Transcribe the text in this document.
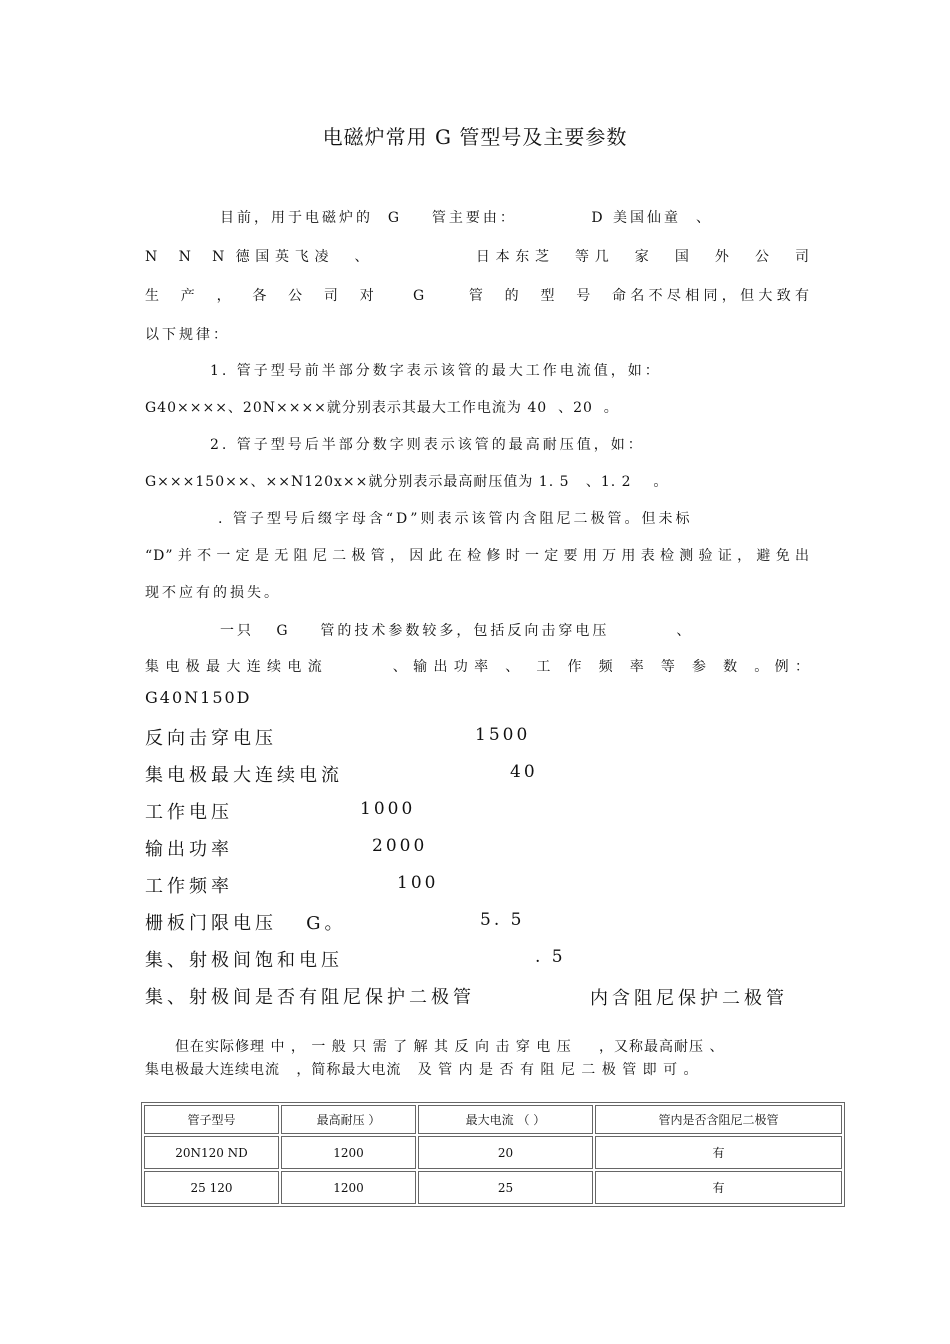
电磁炉常用 G 管型号及主要参数
目前，用于电磁炉的  G    管主要由：          D 美国仙童  、
N  N  N 德国英飞凌  、          日本东芝  等几  家  国  外  公  司
生  产  ，  各  公  司  对    G     管  的  型  号  命名不尽相同，但大致有
以下规律：
1. 管子型号前半部分数字表示该管的最大工作电流值，如：
G40××××、20N××××就分别表示其最大工作电流为 40  、20  。
2. 管子型号后半部分数字则表示该管的最高耐压值，如：
G×××150××、××N120x××就分别表示最高耐压值为 1. 5   、1. 2    。
. 管子型号后缀字母含“D”则表示该管内含阻尼二极管。但未标
“D”并不一定是无阻尼二极管，因此在检修时一定要用万用表检测验证，避免出
现不应有的损失。
一只   G    管的技术参数较多，包括反向击穿电压         、
集电极最大连续电流      、输出功率 、 工 作 频 率 等 参 数 。例：
G40N150D
反向击穿电压	1500
集电极最大连续电流	40
工作电压	1000
输出功率	2000
工作频率	100
栅板门限电压   G。	5. 5
集、射极间饱和电压	. 5
集、射极间是否有阻尼保护二极管	内含阻尼保护二极管
但在实际修理 中 ， 一 般 只 需 了 解 其 反 向 击 穿 电 压     ，又称最高耐压 、
集电极最大连续电流   ，简称最大电流   及 管 内 是 否 有 阻 尼 二 极 管 即 可 。
管子型号	最高耐压 ）	最大电流 （ ）	管内是否含阻尼二极管
20N120 ND	1200	20	有
25 120	1200	25	有
